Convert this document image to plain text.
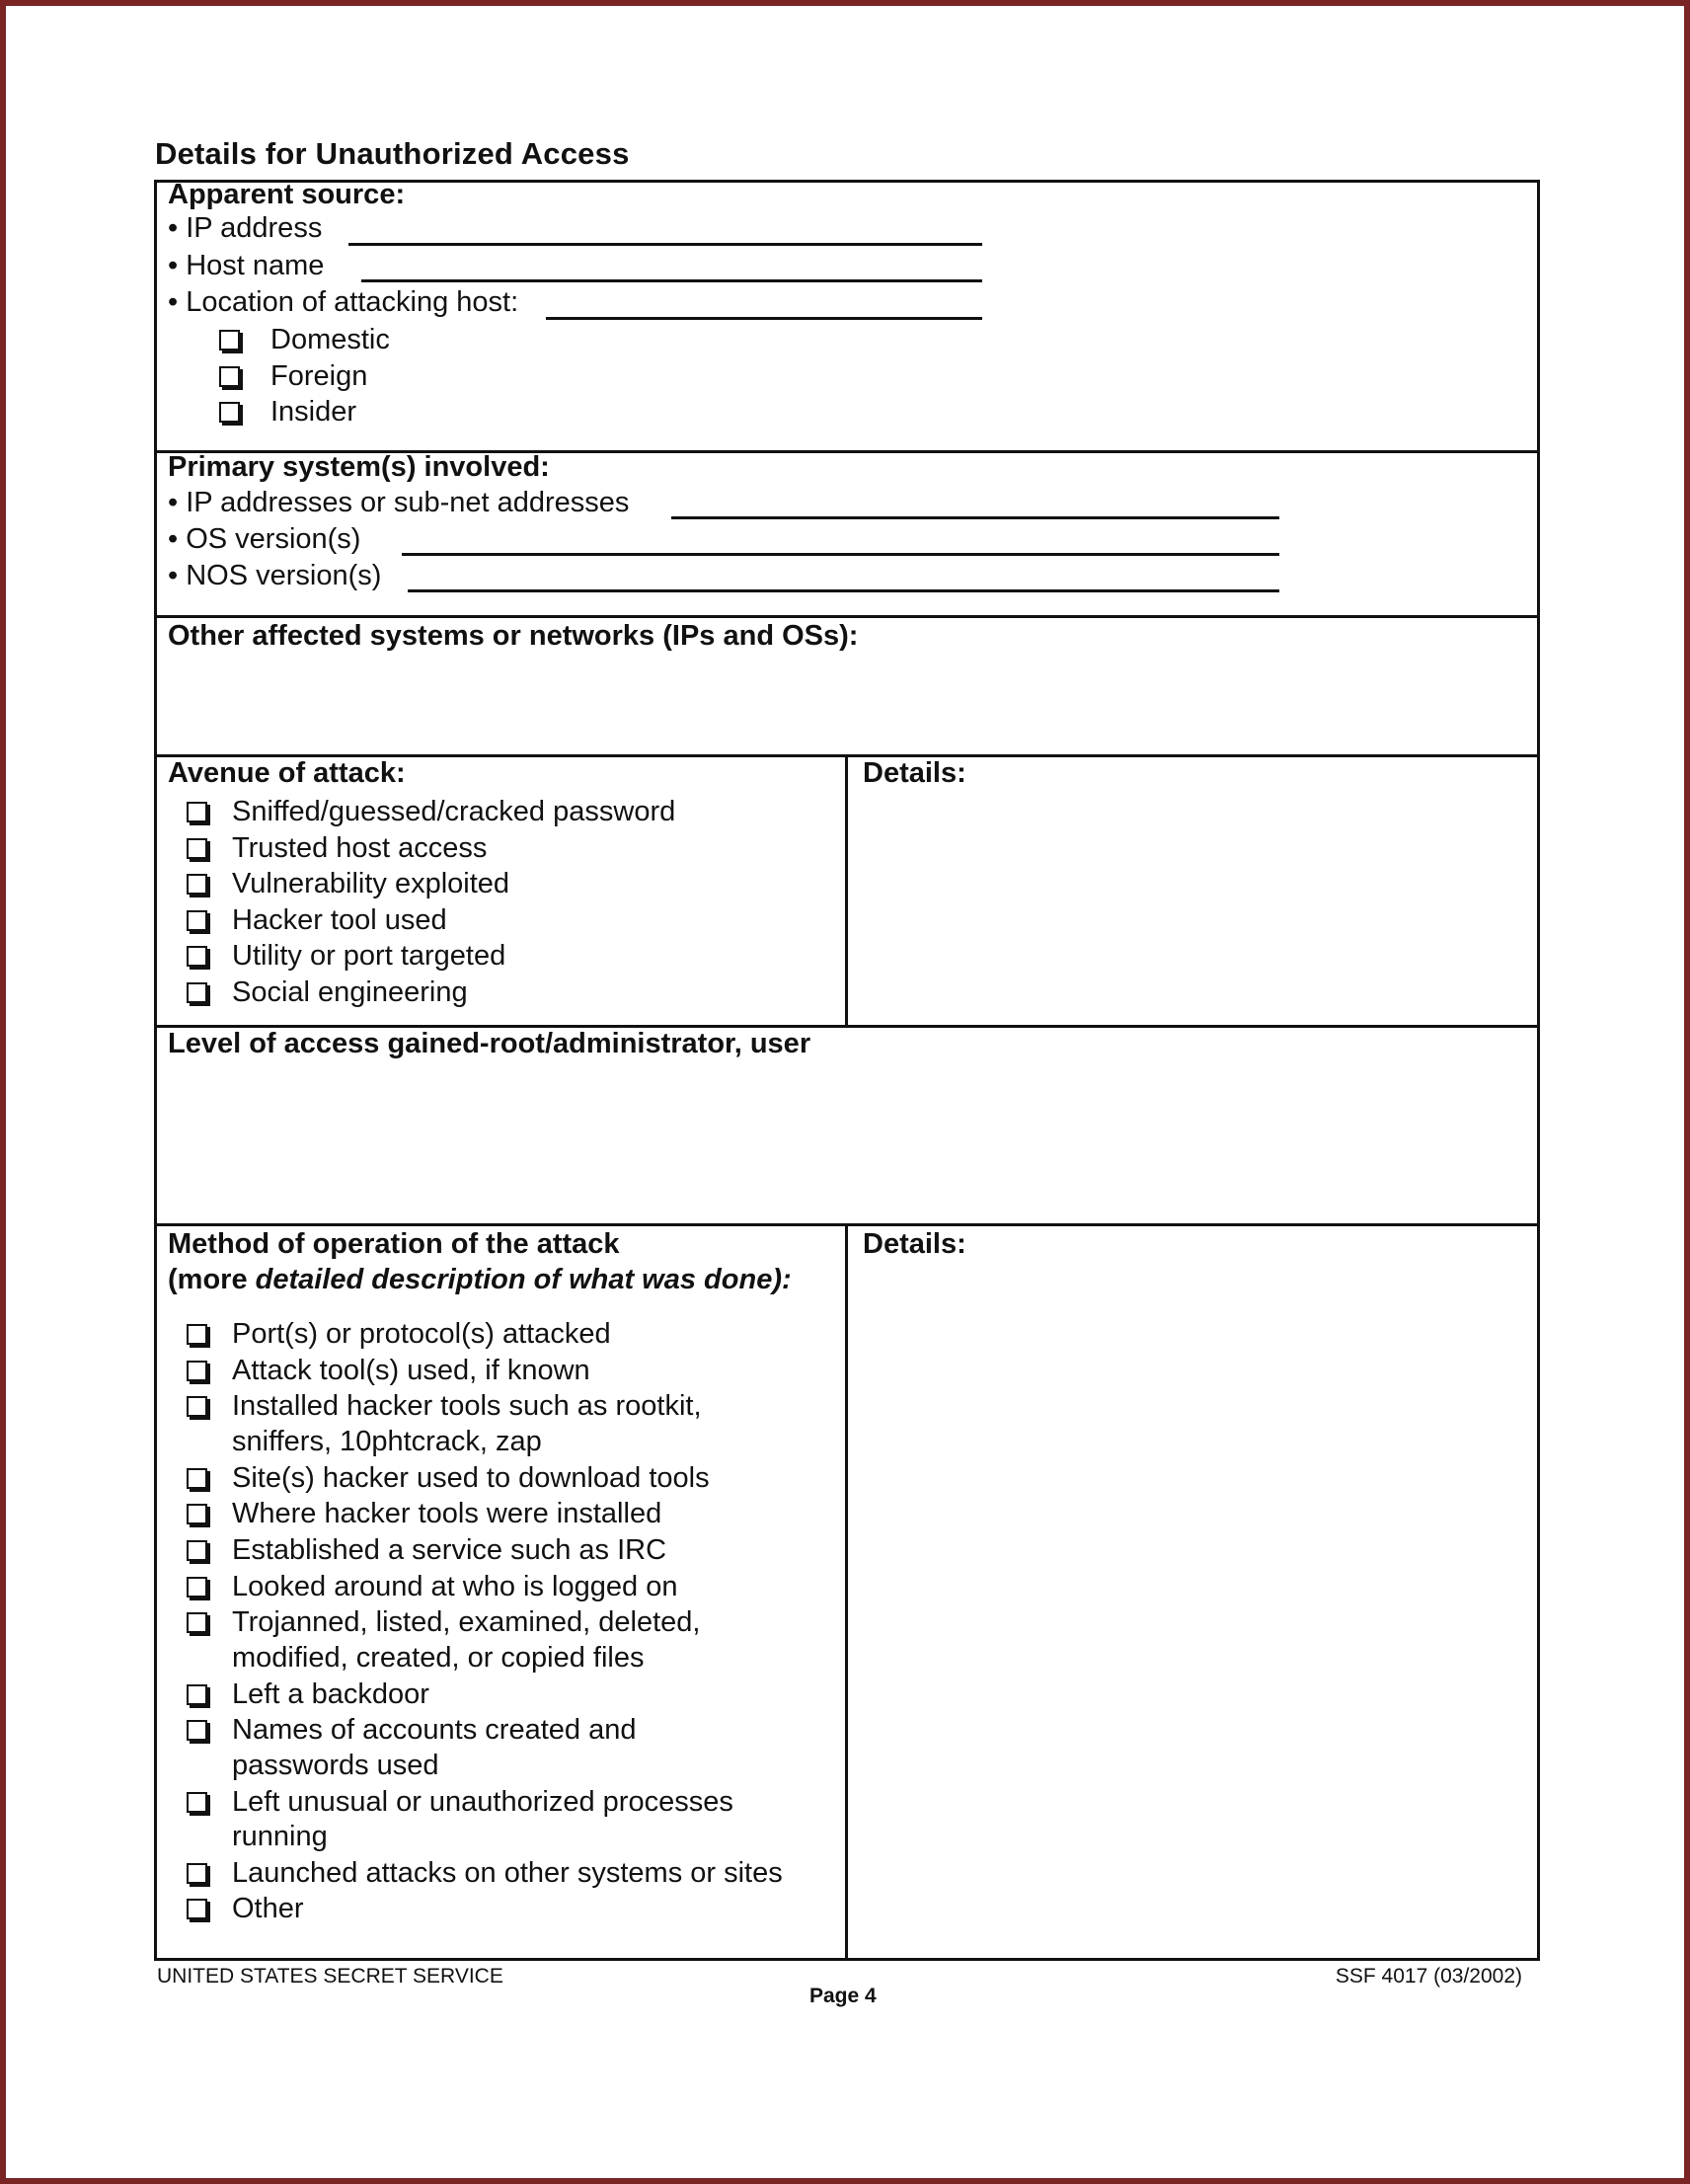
Details for Unauthorized Access
Apparent source:
• IP address
• Host name
• Location of attacking host:
Domestic
Foreign
Insider
Primary system(s) involved:
• IP addresses or sub-net addresses
• OS version(s)
• NOS version(s)
Other affected systems or networks (IPs and OSs):
Avenue of attack:
Sniffed/guessed/cracked password
Trusted host access
Vulnerability exploited
Hacker tool used
Utility or port targeted
Social engineering
Details:
Level of access gained-root/administrator, user
Method of operation of the attack
(more detailed description of what was done):
Port(s) or protocol(s) attacked
Attack tool(s) used, if known
Installed hacker tools such as rootkit,
sniffers, 10phtcrack, zap
Site(s) hacker used to download tools
Where hacker tools were installed
Established a service such as IRC
Looked around at who is logged on
Trojanned, listed, examined, deleted,
modified, created, or copied files
Left a backdoor
Names of accounts created and
passwords used
Left unusual or unauthorized processes
running
Launched attacks on other systems or sites
Other
Details:
UNITED STATES SECRET SERVICE
Page 4
SSF 4017 (03/2002)
